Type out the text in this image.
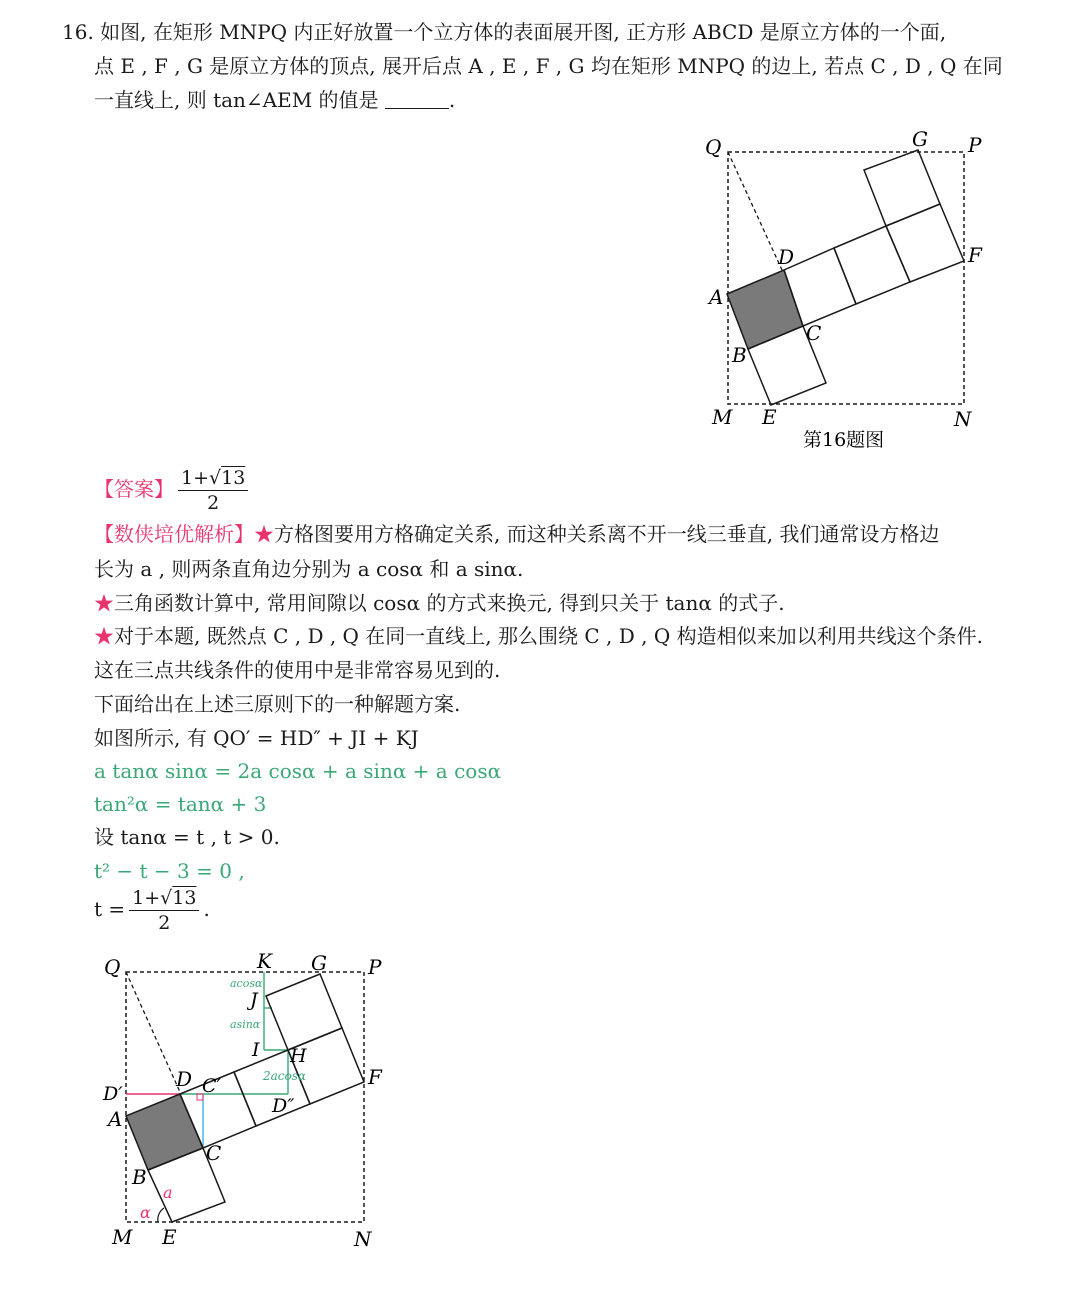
16. 如图, 在矩形 MNPQ 内正好放置一个立方体的表面展开图, 正方形 ABCD 是原立方体的一个面,
点 E , F , G 是原立方体的顶点, 展开后点 A , E , F , G 均在矩形 MNPQ 的边上, 若点 C , D , Q 在同
一直线上, 则 tan∠AEM 的值是	.
Q	G P
D	F
A
C
B
M E	N
第16题图
【答案】 $\frac{1+√13}{2}$
【数侠培优解析】★方格图要用方格确定关系, 而这种关系离不开一线三垂直, 我们通常设方格边
长为 a , 则两条直角边分别为 a cosα 和 a sinα.
★三角函数计算中, 常用间隙以 cosα 的方式来换元, 得到只关于 tanα 的式子.
★对于本题, 既然点 C , D , Q 在同一直线上, 那么围绕 C , D , Q 构造相似来加以利用共线这个条件.
这在三点共线条件的使用中是非常容易见到的.
下面给出在上述三原则下的一种解题方案.
如图所示, 有 QO′ = HD″ + JI + KJ
a tanα sinα = 2a cosα + a sinα + a cosα
tan²α = tanα + 3
设 tanα = t , t > 0.
t² − t − 3 = 0 ,
$t = \frac{1+√13}{2}$ .
Q	K G P
J
I H
D
D′	C′
D″
F
A
C
B
M E	N
acosα
asinα
2acosα
a
α
